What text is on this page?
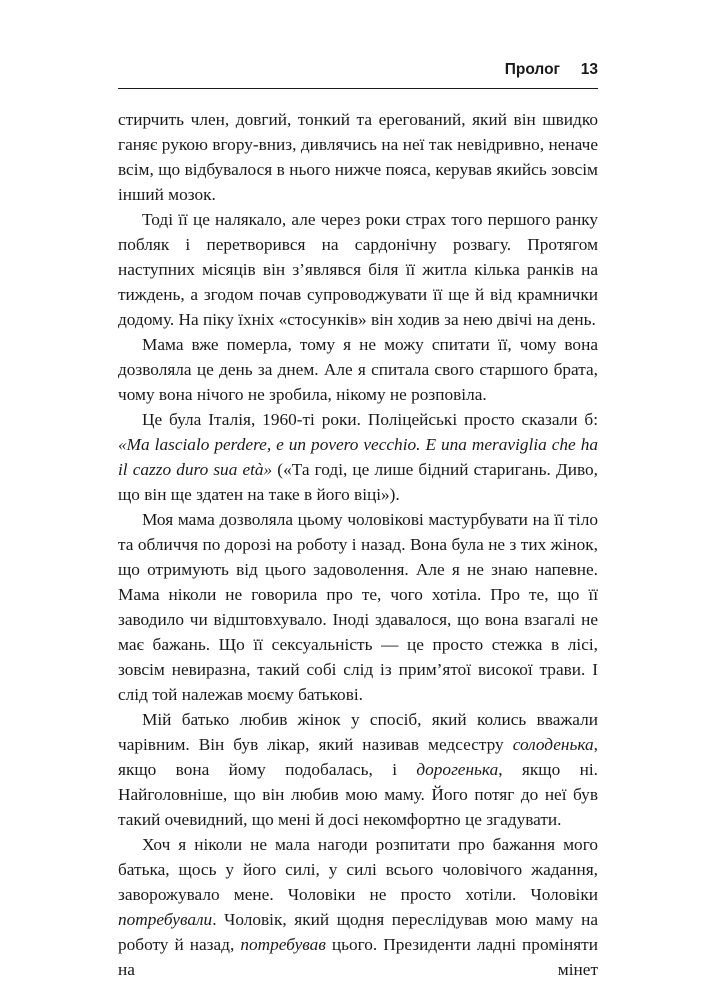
Пролог 13

стирчить член, довгий, тонкий та ерегований, який він швидко ганяє рукою вгору-вниз, дивлячись на неї так невідривно, неначе всім, що відбувалося в нього нижче пояса, керував якийсь зовсім інший мозок.

Тоді її це налякало, але через роки страх того першого ранку побляк і перетворився на сардонічну розвагу. Протягом наступних місяців він з’являвся біля її житла кілька ранків на тиждень, а згодом почав супроводжувати її ще й від крамнички додому. На піку їхніх «стосунків» він ходив за нею двічі на день.

Мама вже померла, тому я не можу спитати її, чому вона дозволяла це день за днем. Але я спитала свого старшого брата, чому вона нічого не зробила, нікому не розповіла.

Це була Італія, 1960-ті роки. Поліцейські просто сказали б: «Ma lascialo perdere, e un povero vecchio. E una meraviglia che ha il cazzo duro sua età» («Та годі, це лише бідний старигань. Диво, що він ще здатен на таке в його віці»).

Моя мама дозволяла цьому чоловікові мастурбувати на її тіло та обличчя по дорозі на роботу і назад. Вона була не з тих жінок, що отримують від цього задоволення. Але я не знаю напевне. Мама ніколи не говорила про те, чого хотіла. Про те, що її заводило чи відштовхувало. Іноді здавалося, що вона взагалі не має бажань. Що її сексуальність — це просто стежка в лісі, зовсім невиразна, такий собі слід із прим’ятої високої трави. І слід той належав моєму батькові.

Мій батько любив жінок у спосіб, який колись вважали чарівним. Він був лікар, який називав медсестру солоденька, якщо вона йому подобалась, і дорогенька, якщо ні. Найголовніше, що він любив мою маму. Його потяг до неї був такий очевидний, що мені й досі некомфортно це згадувати.

Хоч я ніколи не мала нагоди розпитати про бажання мого батька, щось у його силі, у силі всього чоловічого жадання, заворожувало мене. Чоловіки не просто хотіли. Чоловіки потребували. Чоловік, який щодня переслідував мою маму на роботу й назад, потребував цього. Президенти ладні проміняти на мінет
